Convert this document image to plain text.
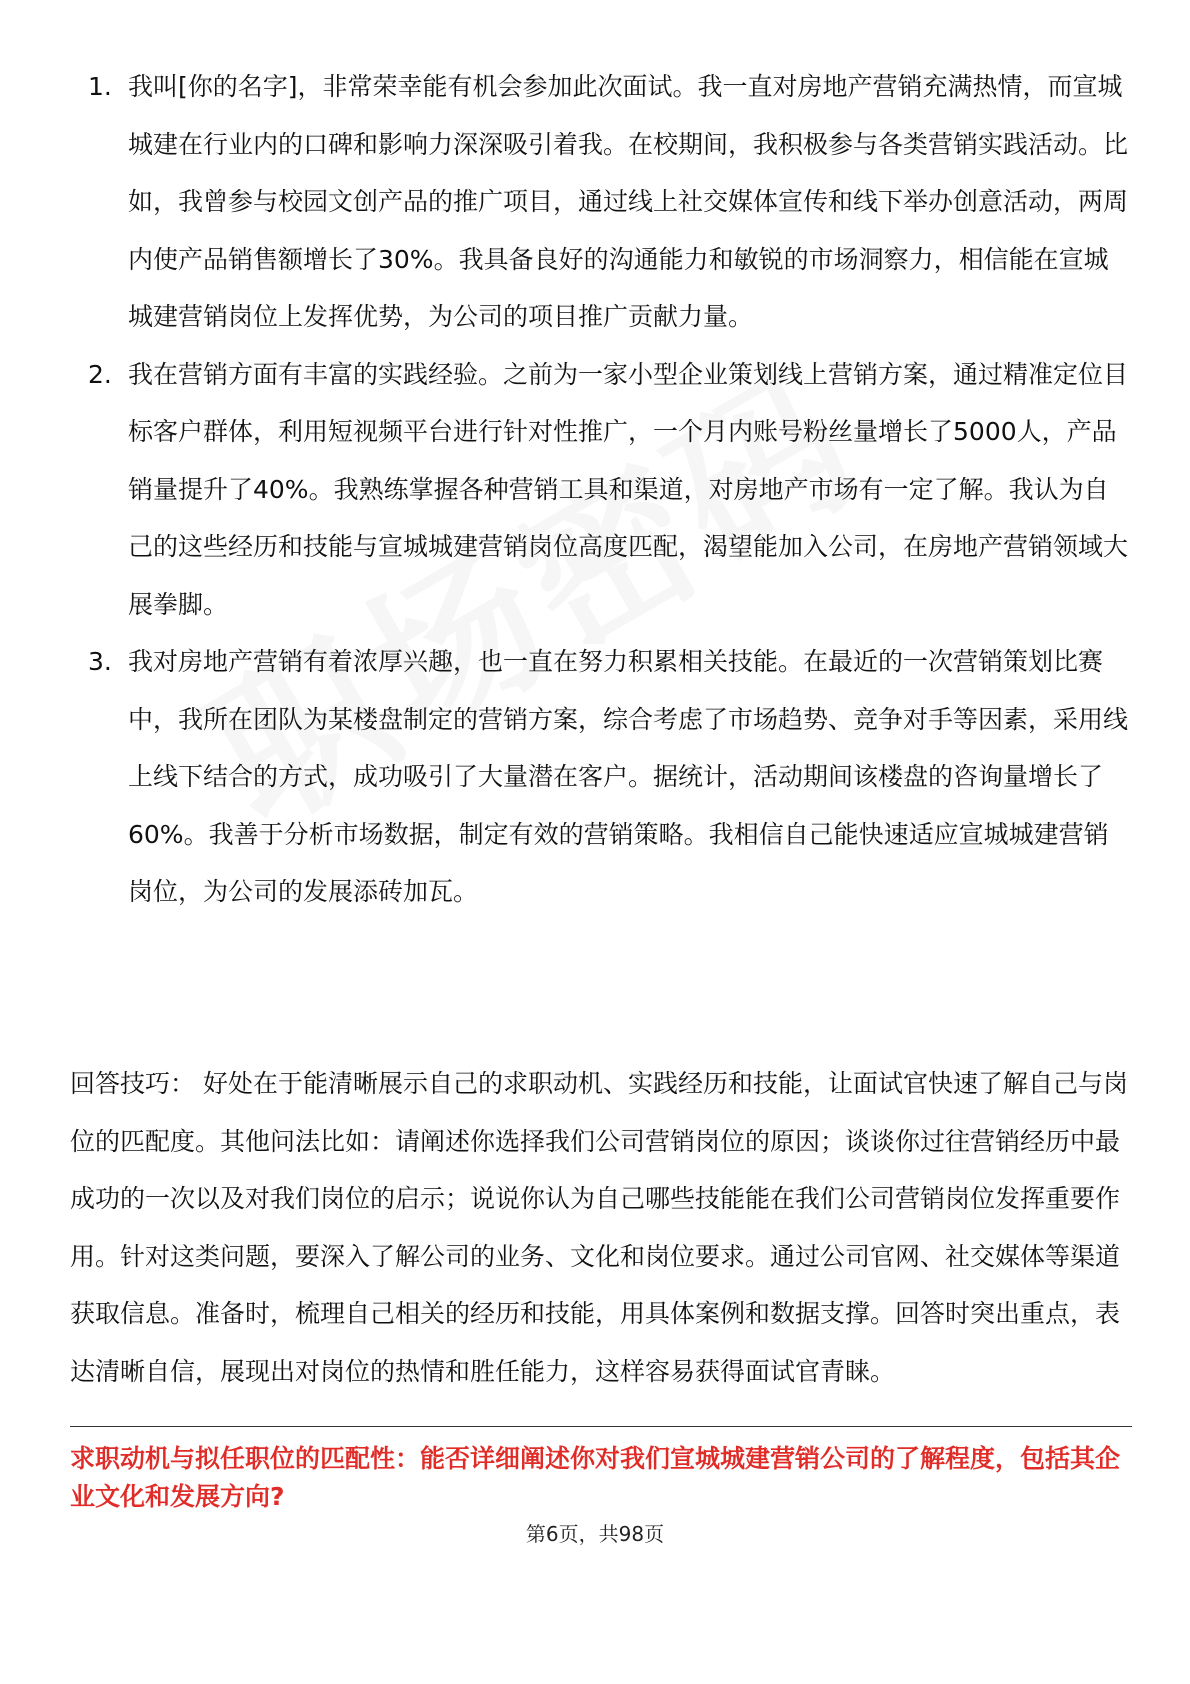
1. 我叫[你的名字]，非常荣幸能有机会参加此次面试。我一直对房地产营销充满热情，而宣城城建在行业内的口碑和影响力深深吸引着我。在校期间，我积极参与各类营销实践活动。比如，我曾参与校园文创产品的推广项目，通过线上社交媒体宣传和线下举办创意活动，两周内使产品销售额增长了30%。我具备良好的沟通能力和敏锐的市场洞察力，相信能在宣城城建营销岗位上发挥优势，为公司的项目推广贡献力量。
2. 我在营销方面有丰富的实践经验。之前为一家小型企业策划线上营销方案，通过精准定位目标客户群体，利用短视频平台进行针对性推广，一个月内账号粉丝量增长了5000人，产品销量提升了40%。我熟练掌握各种营销工具和渠道，对房地产市场有一定了解。我认为自己的这些经历和技能与宣城城建营销岗位高度匹配，渴望能加入公司，在房地产营销领域大展拳脚。
3. 我对房地产营销有着浓厚兴趣，也一直在努力积累相关技能。在最近的一次营销策划比赛中，我所在团队为某楼盘制定的营销方案，综合考虑了市场趋势、竞争对手等因素，采用线上线下结合的方式，成功吸引了大量潜在客户。据统计，活动期间该楼盘的咨询量增长了60%。我善于分析市场数据，制定有效的营销策略。我相信自己能快速适应宣城城建营销岗位，为公司的发展添砖加瓦。

回答技巧： 好处在于能清晰展示自己的求职动机、实践经历和技能，让面试官快速了解自己与岗位的匹配度。其他问法比如：请阐述你选择我们公司营销岗位的原因；谈谈你过往营销经历中最成功的一次以及对我们岗位的启示；说说你认为自己哪些技能能在我们公司营销岗位发挥重要作用。针对这类问题，要深入了解公司的业务、文化和岗位要求。通过公司官网、社交媒体等渠道获取信息。准备时，梳理自己相关的经历和技能，用具体案例和数据支撑。回答时突出重点，表达清晰自信，展现出对岗位的热情和胜任能力，这样容易获得面试官青睐。

求职动机与拟任职位的匹配性：能否详细阐述你对我们宣城城建营销公司的了解程度，包括其企业文化和发展方向?

第6页，共98页
